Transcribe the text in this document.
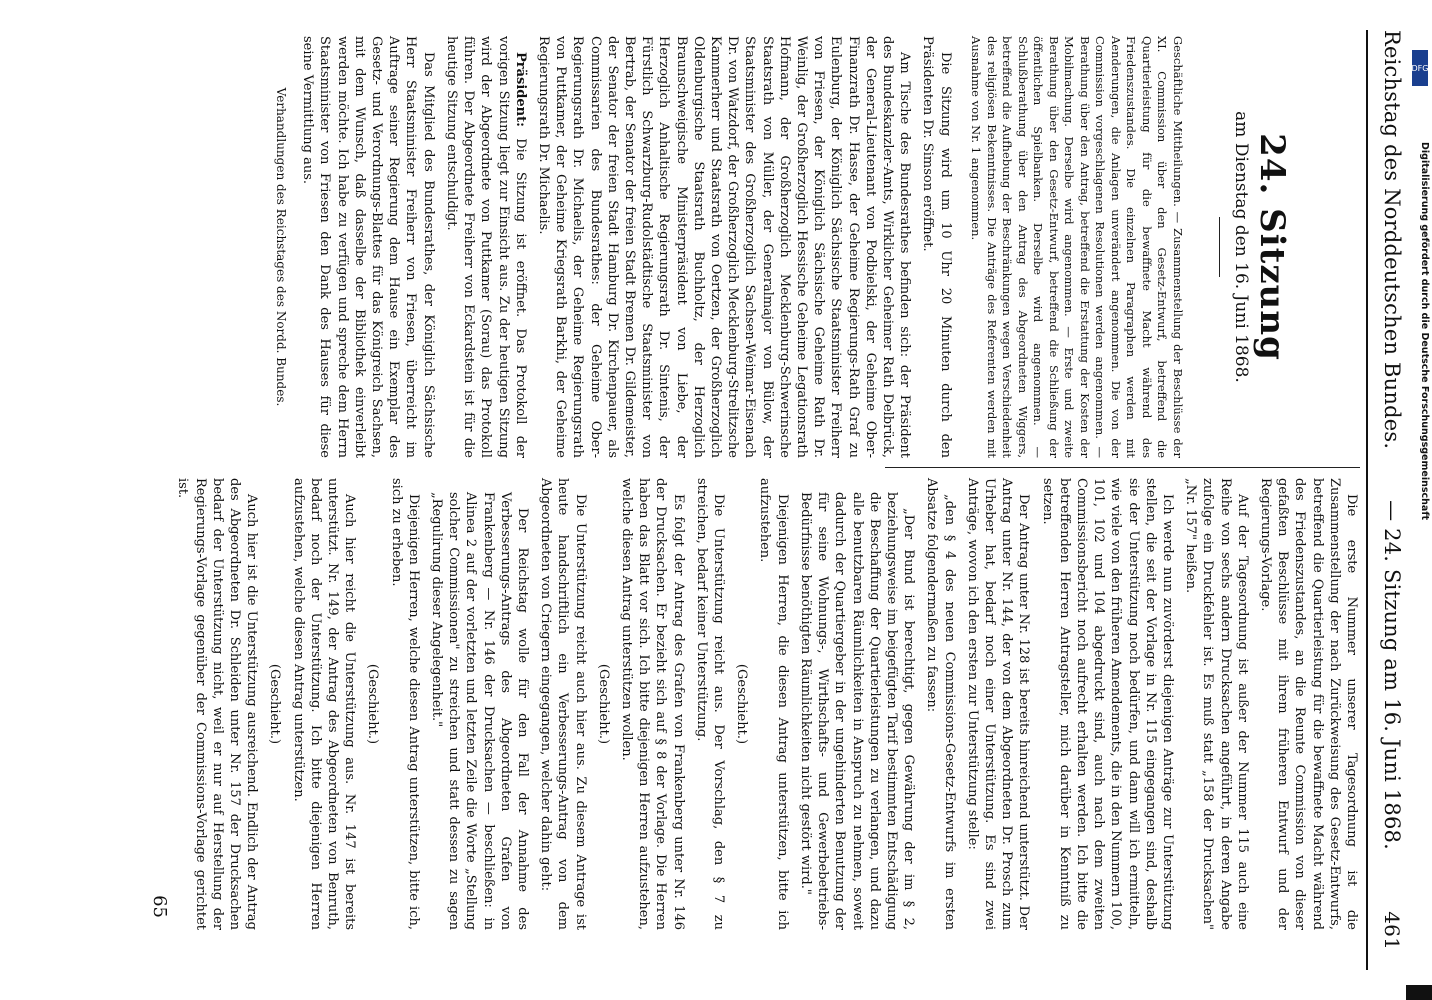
Reichstag des Norddeutschen Bundes.
— 24. Sitzung am 16. Juni 1868.
461
24. Sitzung
am Dienstag den 16. Juni 1868.

Geschäftliche Mittheilungen. — Zusammenstellung der Beschlüsse der XI. Commission über den Gesetz-Entwurf, betreffend die Quartierleistung für die bewaffnete Macht während des Friedenszustandes. Die einzelnen Paragraphen werden mit Aenderungen, die Anlagen unverändert angenommen. Die von der Commission vorgeschlagenen Resolutionen werden angenommen. — Berathung über den Antrag, betreffend die Erstattung der Kosten der Mobilmachung. Derselbe wird angenommen. — Erste und zweite Berathung über den Gesetz-Entwurf, betreffend die Schließung der öffentlichen Spielbanken. Derselbe wird angenommen. — Schlußberathung über den Antrag des Abgeordneten Wiggers, betreffend die Aufhebung der Beschränkungen wegen Verschiedenheit des religiösen Bekenntnisses. Die Anträge des Referenten werden mit Ausnahme von Nr. 1 angenommen.

Die Sitzung wird um 10 Uhr 20 Minuten durch den Präsidenten Dr. Simson eröffnet.

Am Tische des Bundesrathes befinden sich: der Präsident des Bundeskanzler-Amts, Wirklicher Geheimer Rath Delbrück, der General-Lieutenant von Podbielski, der Geheime Ober-Finanzrath Dr. Hasse, der Geheime Regierungs-Rath Graf zu Eulenburg, der Königlich Sächsische Staatsminister Freiherr von Friesen, der Königlich Sächsische Geheime Rath Dr. Weinlig, der Großherzoglich Hessische Geheime Legationsrath Hofmann, der Großherzoglich Mecklenburg-Schwerinsche Staatsrath von Müller, der Generalmajor von Bülow, der Staatsminister des Großherzoglich Sachsen-Weimar-Eisenach Dr. von Watzdorf, der Großherzoglich Mecklenburg-Strelitzsche Kammerherr und Staatsrath von Oertzen, der Großherzoglich Oldenburgische Staatsrath Buchholtz, der Herzoglich Braunschweigische Ministerpräsident von Liebe, der Herzoglich Anhaltische Regierungsrath Dr. Sintenis, der Fürstlich Schwarzburg-Rudolstädtische Staatsminister von Bertrab, der Senator der freien Stadt Bremen Dr. Gildemeister, der Senator der freien Stadt Hamburg Dr. Kirchenpauer, als Commissarien des Bundesrathes: der Geheime Ober-Regierungsrath Dr. Michaelis, der Geheime Regierungsrath von Puttkamer, der Geheime Kriegsrath Barkhi, der Geheime Regierungsrath Dr. Michaelis.

Präsident: Die Sitzung ist eröffnet. Das Protokoll der vorigen Sitzung liegt zur Einsicht aus. Zu der heutigen Sitzung wird der Abgeordnete von Puttkamer (Sorau) das Protokoll führen. Der Abgeordnete Freiherr von Eckardstein ist für die heutige Sitzung entschuldigt.

Das Mitglied des Bundesrathes, der Königlich Sächsische Herr Staatsminister Freiherr von Friesen, überreicht im Auftrage seiner Regierung dem Hause ein Exemplar des Gesetz- und Verordnungs-Blattes für das Königreich Sachsen, mit dem Wunsch, daß dasselbe der Bibliothek einverleibt werden möchte. Ich habe zu verfügen und spreche dem Herrn Staatsminister von Friesen den Dank des Hauses für diese seine Vermittlung aus.

Verhandlungen des Reichstages des Nordd. Bundes.

Die erste Nummer unserer Tagesordnung ist die Zusammenstellung der nach Zurückweisung des Gesetz-Entwurfs, betreffend die Quartierleistung für die bewaffnete Macht während des Friedenszustandes, an die Reunte Commission von dieser gefaßten Beschlüsse mit ihrem früheren Entwurf und der Regierungs-Vorlage.

Auf der Tagesordnung ist außer der Nummer 115 auch eine Reihe von sechs andern Drucksachen angeführt, in deren Angabe zufolge ein Druckfehler ist. Es muß statt „158 der Drucksachen" „Nr. 157" heißen.

Ich werde nun zuvörderst diejenigen Anträge zur Unterstützung stellen, die seit der Vorlage in Nr. 115 eingegangen sind, deshalb sie der Unterstützung noch bedürfen, und dann will ich ermitteln, wie viele von den früheren Amendements, die in den Nummern 100, 101, 102 und 104 abgedruckt sind, auch nach dem zweiten Commissionsbericht noch aufrecht erhalten werden. Ich bitte die betreffenden Herren Antragsteller, mich darüber in Kenntniß zu setzen.

Der Antrag unter Nr. 128 ist bereits hinreichend unterstützt. Der Antrag unter Nr. 144, der von dem Abgeordneten Dr. Prosch zum Urheber hat, bedarf noch einer Unterstützung. Es sind zwei Anträge, wovon ich den ersten zur Unterstützung stelle:

„den § 4 des neuen Commissions-Gesetz-Entwurfs im ersten Absatze folgendermaßen zu fassen:

„Der Bund ist berechtigt, gegen Gewährung der im § 2, beziehungsweise im beigefügten Tarif bestimmten Entschädigung die Beschaffung der Quartierleistungen zu verlangen, und dazu alle benutzbaren Räumlichkeiten in Anspruch zu nehmen, soweit dadurch der Quartiergeber in der ungehinderten Benutzung der für seine Wohnungs-, Wirthschafts- und Gewerbebetriebs-Bedürfnisse benöthigten Räumlichkeiten nicht gestört wird."

Diejenigen Herren, die diesen Antrag unterstützen, bitte ich aufzustehen.

(Geschieht.)

Die Unterstützung reicht aus. Der Vorschlag, den § 7 zu streichen, bedarf keiner Unterstützung.

Es folgt der Antrag des Grafen von Frankenberg unter Nr. 146 der Drucksachen. Er bezieht sich auf § 8 der Vorlage. Die Herren haben das Blatt vor sich. Ich bitte diejenigen Herren aufzustehen, welche diesen Antrag unterstützen wollen.

(Geschieht.)

Die Unterstützung reicht auch hier aus. Zu diesem Antrage ist heute handschriftlich ein Verbesserungs-Antrag von dem Abgeordneten von Criegern eingegangen, welcher dahin geht:

Der Reichstag wolle für den Fall der Annahme des Verbesserungs-Antrags des Abgeordneten Grafen von Frankenberg — Nr. 146 der Drucksachen — beschließen: in Alinea 2 auf der vorletzten und letzten Zeile die Worte „Stellung solcher Commissionen" zu streichen und statt dessen zu sagen „Regulirung dieser Angelegenheit."

Diejenigen Herren, welche diesen Antrag unterstützen, bitte ich, sich zu erheben.

(Geschieht.)

Auch hier reicht die Unterstützung aus. Nr. 147 ist bereits unterstützt. Nr. 149, der Antrag des Abgeordneten von Benruth, bedarf noch der Unterstützung. Ich bitte diejenigen Herren aufzustehen, welche diesen Antrag unterstützen.

(Geschieht.)

Auch hier ist die Unterstützung ausreichend. Endlich der Antrag des Abgeordneten Dr. Schleiden unter Nr. 157 der Drucksachen bedarf der Unterstützung nicht, weil er nur auf Herstellung der Regierungs-Vorlage gegenüber der Commissions-Vorlage gerichtet ist.

65
DFG
Digitalisierung gefördert durch die Deutsche Forschungsgemeinschaft
